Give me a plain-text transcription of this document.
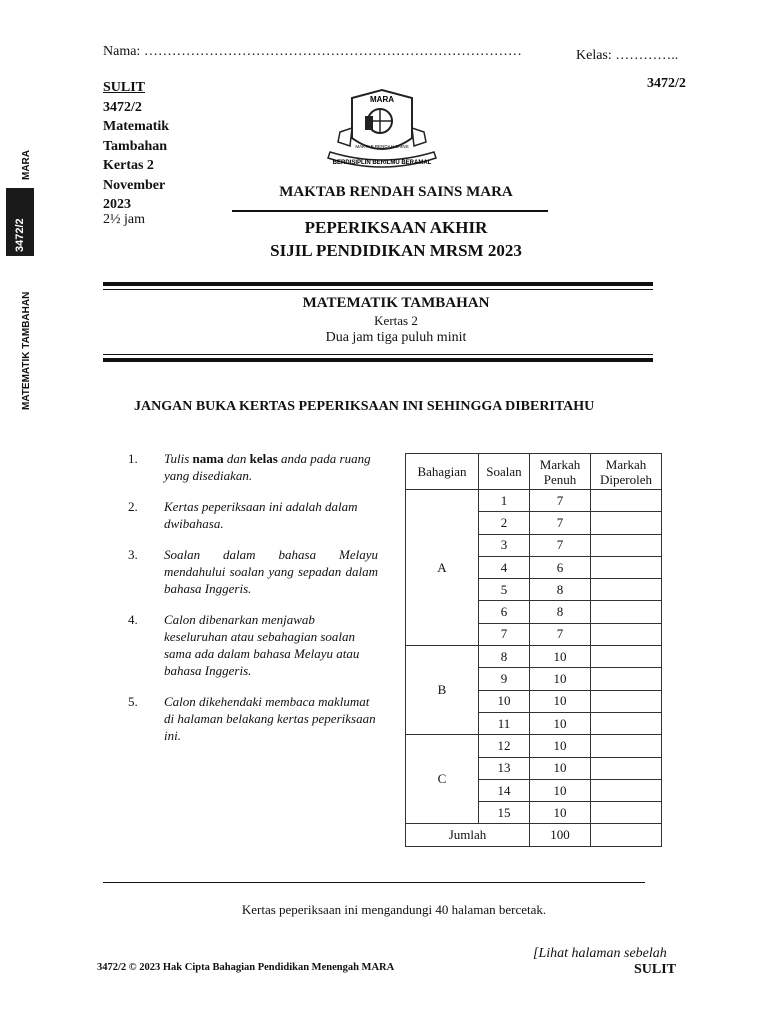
MARA
3472/2
MATEMATIK TAMBAHAN
Nama: ………………………………………………………………………	Kelas: …………..
3472/2
SULIT
3472/2
Matematik
Tambahan
Kertas 2
November
2023
2½ jam
MARA
BERDISIPLIN BERILMU BERAMAL
MAKTAB RENDAH SAINS
MAKTAB RENDAH SAINS MARA
PEPERIKSAAN AKHIR
SIJIL PENDIDIKAN MRSM 2023
MATEMATIK TAMBAHAN
Kertas 2
Dua jam tiga puluh minit
JANGAN BUKA KERTAS PEPERIKSAAN INI SEHINGGA DIBERITAHU
1. Tulis nama dan kelas anda pada ruang yang disediakan.
2. Kertas peperiksaan ini adalah dalam dwibahasa.
3. Soalan dalam bahasa Melayu mendahului soalan yang sepadan dalam bahasa Inggeris.
4. Calon dibenarkan menjawab keseluruhan atau sebahagian soalan sama ada dalam bahasa Melayu atau bahasa Inggeris.
5. Calon dikehendaki membaca maklumat di halaman belakang kertas peperiksaan ini.
Bahagian	Soalan	Markah Penuh	Markah Diperoleh
A	1	7	
	2	7	
	3	7	
	4	6	
	5	8	
	6	8	
	7	7	
B	8	10	
	9	10	
	10	10	
	11	10	
C	12	10	
	13	10	
	14	10	
	15	10	
Jumlah		100	
Kertas peperiksaan ini mengandungi 40 halaman bercetak.
[Lihat halaman sebelah
3472/2 © 2023 Hak Cipta Bahagian Pendidikan Menengah MARA	SULIT
